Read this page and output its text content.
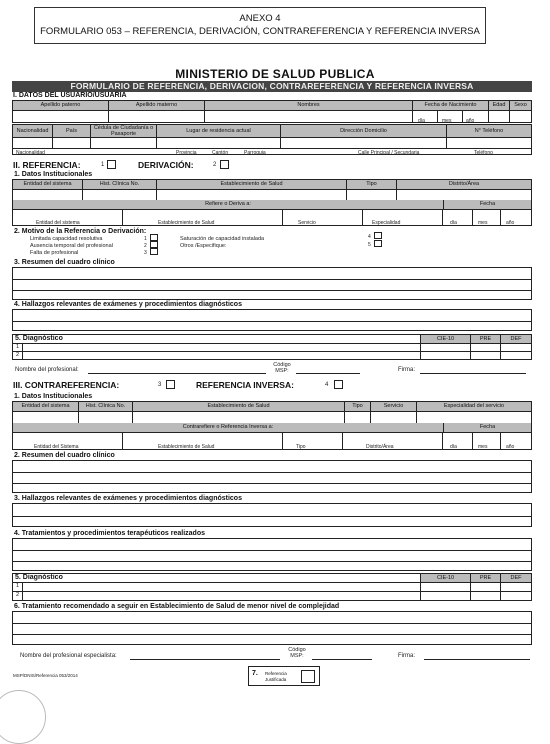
ANEXO 4
FORMULARIO 053 – REFERENCIA, DERIVACIÓN, CONTRAREFERENCIA Y REFERENCIA INVERSA
MINISTERIO DE SALUD PUBLICA
FORMULARIO DE REFERENCIA, DERIVACION, CONTRAREFERENCIA Y REFERENCIA INVERSA
I. DATOS DEL USUARIO/USUARIA
Apellido paterno	Apellido materno	Nombres	Fecha de Nacimiento	Edad	Sexo
día	mes	año
Nacionalidad	País	Cédula de Ciudadanía o Pasaporte	Lugar de residencia actual	Dirección Domicilio	N° Teléfono
Nacionalidad	Provincia	Cantón	Parroquia	Calle Principal / Secundaria	Teléfono
II. REFERENCIA:	1	DERIVACIÓN:	2
1. Datos Institucionales
Entidad del sistema	Hist. Clínica No.	Establecimiento de Salud	Tipo	Distrito/Área
Refiere o Deriva a:	Fecha
Entidad del sistema	Establecimiento de Salud	Servicio	Especialidad	día	mes	año
2. Motivo de la Referencia o Derivación:
Limitada capacidad resolutiva
Ausencia temporal del profesional
Falta de profesional
1
2
3
Saturación de capacidad instalada
Otros /Especifique:
4
5
3. Resumen del cuadro clínico
4. Hallazgos relevantes de exámenes y procedimientos diagnósticos
5. Diagnóstico	CIE-10	PRE	DEF
1
2
Nombre del profesional:
Código MSP:	Firma:
III. CONTRAREFERENCIA:	3	REFERENCIA INVERSA:	4
1. Datos Institucionales
Entidad del sistema	Hist. Clínica No.	Establecimiento de Salud	Tipo	Servicio	Especialidad del servicio
Contrarefiere o Referencia Inversa a:	Fecha
Entidad del Sistema	Establecimiento de Salud	Tipo	Distrito/Área	día	mes	año
2. Resumen del cuadro clínico
3. Hallazgos relevantes de exámenes y procedimientos diagnósticos
4. Tratamientos y procedimientos terapéuticos realizados
5. Diagnóstico	CIE-10	PRE	DEF
1
2
6. Tratamiento recomendado a seguir en Establecimiento de Salud de menor nivel de complejidad
Nombre del profesional especialista:
Código MSP:	Firma:
MSP/DNIS/Referencia 053/2014	7. Referencia Justificada
